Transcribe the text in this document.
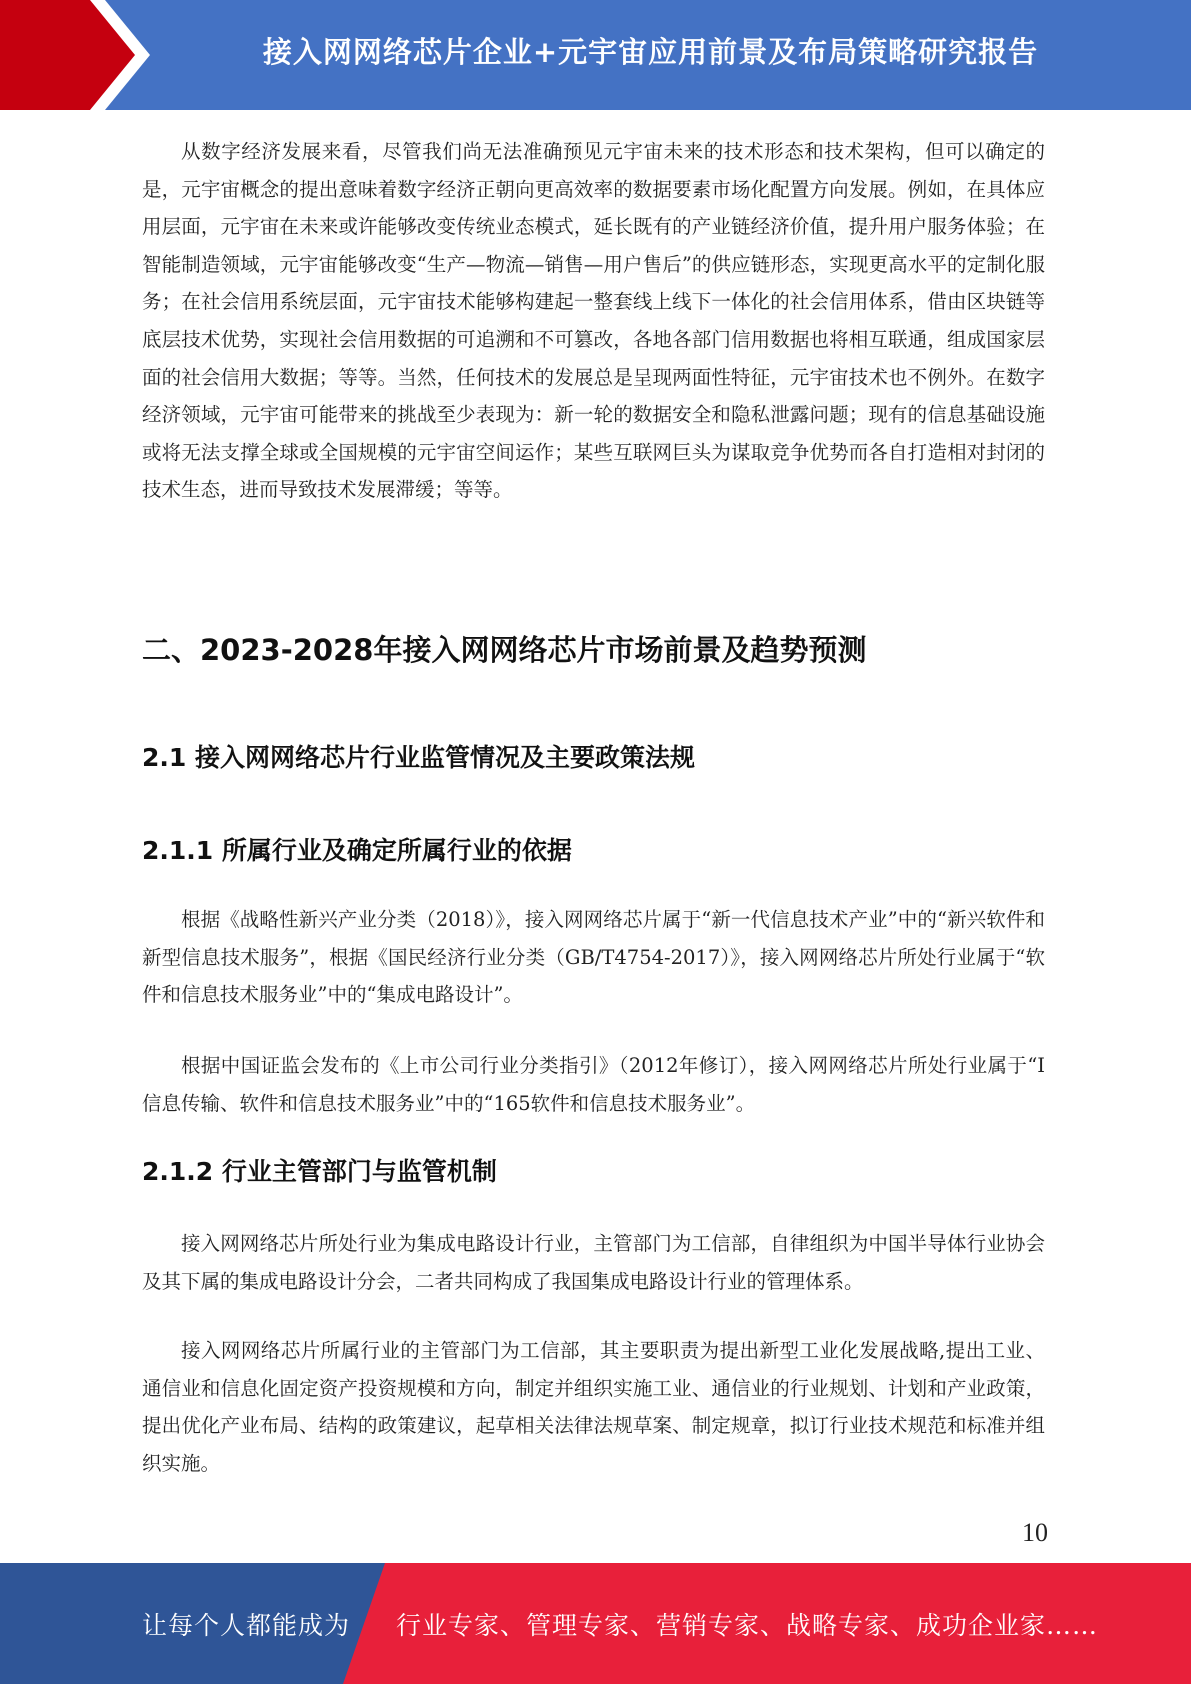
接入网网络芯片企业+元宇宙应用前景及布局策略研究报告

从数字经济发展来看，尽管我们尚无法准确预见元宇宙未来的技术形态和技术架构，但可以确定的是，元宇宙概念的提出意味着数字经济正朝向更高效率的数据要素市场化配置方向发展。例如，在具体应用层面，元宇宙在未来或许能够改变传统业态模式，延长既有的产业链经济价值，提升用户服务体验；在智能制造领域，元宇宙能够改变“生产—物流—销售—用户售后”的供应链形态，实现更高水平的定制化服务；在社会信用系统层面，元宇宙技术能够构建起一整套线上线下一体化的社会信用体系，借由区块链等底层技术优势，实现社会信用数据的可追溯和不可篡改，各地各部门信用数据也将相互联通，组成国家层面的社会信用大数据；等等。当然，任何技术的发展总是呈现两面性特征，元宇宙技术也不例外。在数字经济领域，元宇宙可能带来的挑战至少表现为：新一轮的数据安全和隐私泄露问题；现有的信息基础设施或将无法支撑全球或全国规模的元宇宙空间运作；某些互联网巨头为谋取竞争优势而各自打造相对封闭的技术生态，进而导致技术发展滞缓；等等。

二、2023-2028年接入网网络芯片市场前景及趋势预测
2.1 接入网网络芯片行业监管情况及主要政策法规
2.1.1 所属行业及确定所属行业的依据

根据《战略性新兴产业分类（2018）》，接入网网络芯片属于“新一代信息技术产业”中的“新兴软件和新型信息技术服务”，根据《国民经济行业分类（GB/T4754-2017）》，接入网网络芯片所处行业属于“软件和信息技术服务业”中的“集成电路设计”。

根据中国证监会发布的《上市公司行业分类指引》（2012年修订），接入网网络芯片所处行业属于“I信息传输、软件和信息技术服务业”中的“165软件和信息技术服务业”。

2.1.2 行业主管部门与监管机制

接入网网络芯片所处行业为集成电路设计行业，主管部门为工信部，自律组织为中国半导体行业协会及其下属的集成电路设计分会，二者共同构成了我国集成电路设计行业的管理体系。

接入网网络芯片所属行业的主管部门为工信部，其主要职责为提出新型工业化发展战略,提出工业、通信业和信息化固定资产投资规模和方向，制定并组织实施工业、通信业的行业规划、计划和产业政策，提出优化产业布局、结构的政策建议，起草相关法律法规草案、制定规章，拟订行业技术规范和标准并组织实施。

10
让每个人都能成为 行业专家、管理专家、营销专家、战略专家、成功企业家……
